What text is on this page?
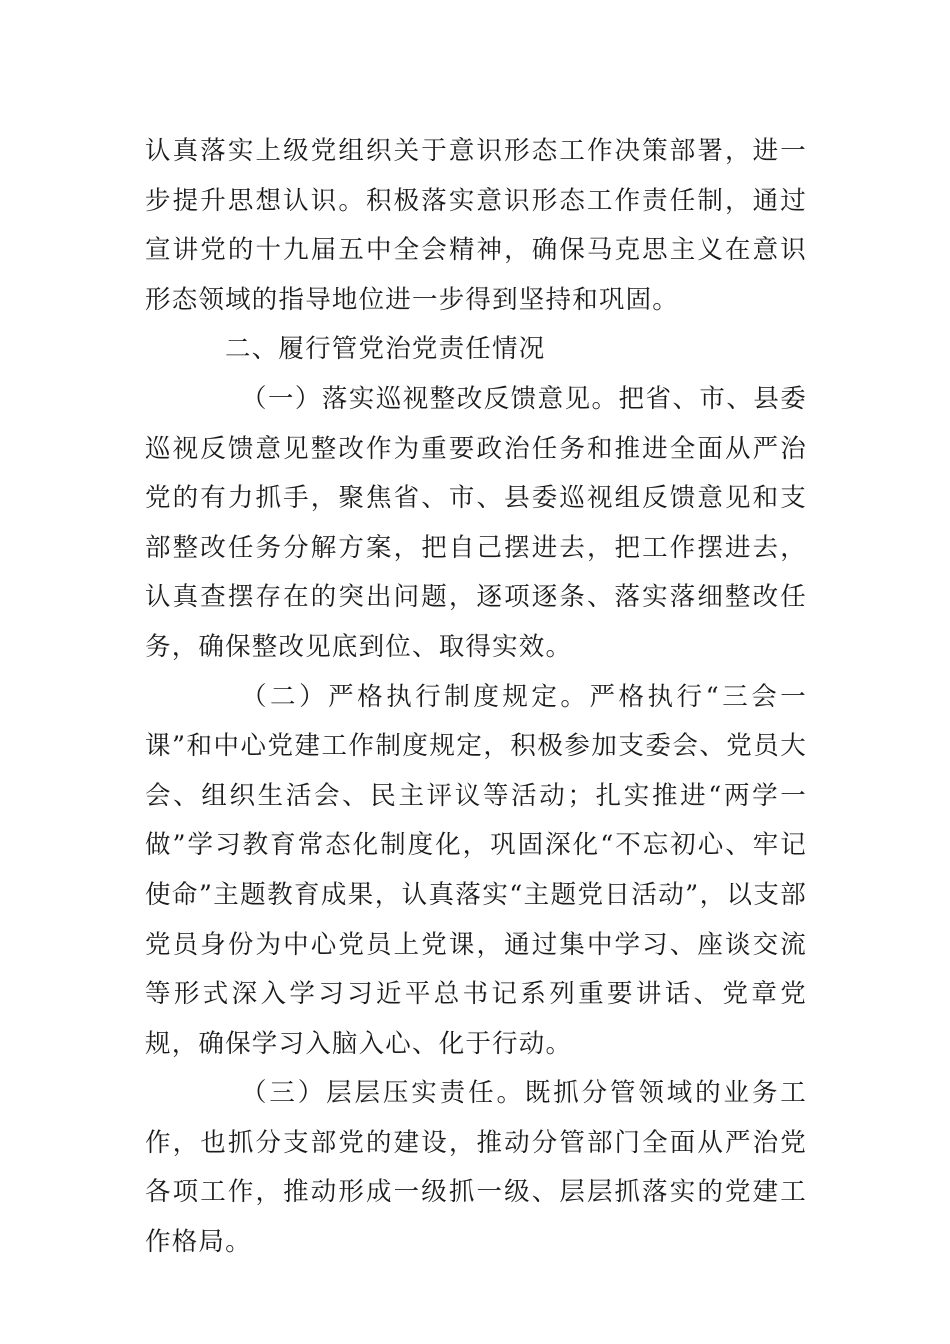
认真落实上级党组织关于意识形态工作决策部署，进一步提升思想认识。积极落实意识形态工作责任制，通过宣讲党的十九届五中全会精神，确保马克思主义在意识形态领域的指导地位进一步得到坚持和巩固。

二、履行管党治党责任情况

（一）落实巡视整改反馈意见。把省、市、县委巡视反馈意见整改作为重要政治任务和推进全面从严治党的有力抓手，聚焦省、市、县委巡视组反馈意见和支部整改任务分解方案，把自己摆进去，把工作摆进去，认真查摆存在的突出问题，逐项逐条、落实落细整改任务，确保整改见底到位、取得实效。

（二）严格执行制度规定。严格执行“三会一课”和中心党建工作制度规定，积极参加支委会、党员大会、组织生活会、民主评议等活动；扎实推进“两学一做”学习教育常态化制度化，巩固深化“不忘初心、牢记使命”主题教育成果，认真落实“主题党日活动”，以支部党员身份为中心党员上党课，通过集中学习、座谈交流等形式深入学习习近平总书记系列重要讲话、党章党规，确保学习入脑入心、化于行动。

（三）层层压实责任。既抓分管领域的业务工作，也抓分支部党的建设，推动分管部门全面从严治党各项工作，推动形成一级抓一级、层层抓落实的党建工作格局。
